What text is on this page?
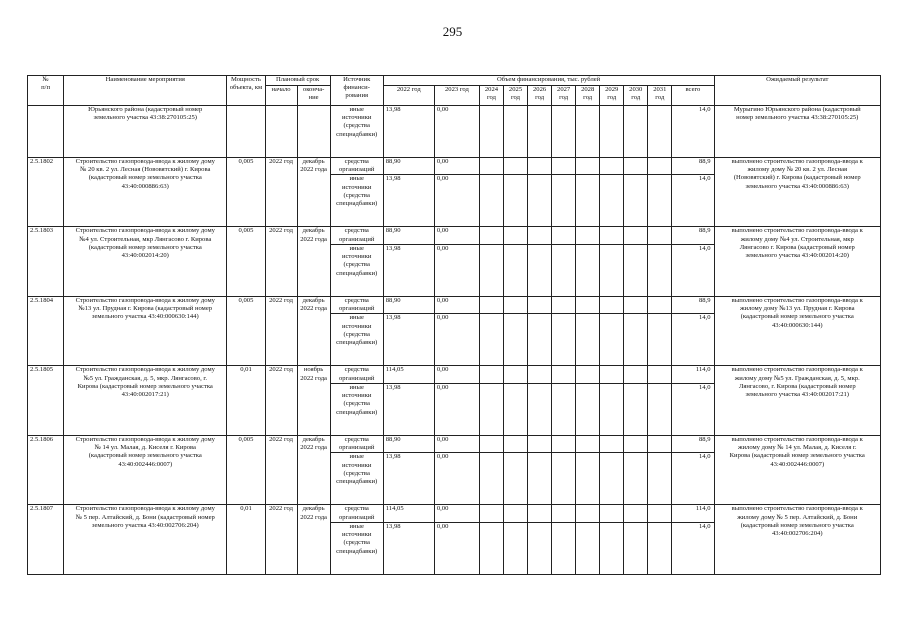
295
№
п/п	Наименование мероприятия	Мощность
объекта, км	Плановый срок		Источник
финанси-
рования	Объем финансирования, тыс. рублей											Ожидаемый результат
			начало	оконча-
ние		2022 год	2023 год	2024
год	2025
год	2026
год	2027
год	2028
год	2029
год	2030
год	2031
год	всего	
	Юрьянского района (кадастровый номер
земельного участка 43:38:270105:25)				иные
источники
(средства
спецнадбавки)	13,98	0,00									14,0	Мурыгино Юрьянского района (кадастровый
номер земельного участка 43:38:270105:25)
2.5.1802	Строительство газопровода-ввода к жилому дому
№ 20 кв. 2 ул. Лесная (Нововятский) г. Кирова
(кадастровый номер земельного участка
43:40:000886:63)	0,005	2022 год	декабрь
2022 года	средства
организаций	88,90	0,00									88,9	выполнено строительство газопровода-ввода к
жилому дому № 20 кв. 2 ул. Лесная
(Нововятский) г. Кирова (кадастровый номер
земельного участка 43:40:000886:63)
					иные
источники
(средства
спецнадбавки)	13,98	0,00									14,0	
2.5.1803	Строительство газопровода-ввода к жилому дому
№4 ул. Строительная, мкр Лянгасово г. Кирова
(кадастровый номер земельного участка
43:40:002014:20)	0,005	2022 год	декабрь
2022 года	средства
организаций	88,90	0,00									88,9	выполнено строительство газопровода-ввода к
жилому дому №4 ул. Строительная, мкр
Лянгасово г. Кирова (кадастровый номер
земельного участка 43:40:002014:20)
					иные
источники
(средства
спецнадбавки)	13,98	0,00									14,0	
2.5.1804	Строительство газопровода-ввода к жилому дому
№13 ул. Прудная г. Кирова (кадастровый номер
земельного участка 43:40:000630:144)	0,005	2022 год	декабрь
2022 года	средства
организаций	88,90	0,00									88,9	выполнено строительство газопровода-ввода к
жилому дому №13 ул. Прудная г. Кирова
(кадастровый номер земельного участка
43:40:000630:144)
					иные
источники
(средства
спецнадбавки)	13,98	0,00									14,0	
2.5.1805	Строительство газопровода-ввода к жилому дому
№5 ул. Гражданская, д. 5, мкр. Лянгасово, г.
Кирова (кадастровый номер земельного участка
43:40:002017:21)	0,01	2022 год	ноябрь
2022 года	средства
организаций	114,05	0,00									114,0	выполнено строительство газопровода-ввода к
жилому дому №5 ул. Гражданская, д. 5, мкр.
Лянгасово, г. Кирова (кадастровый номер
земельного участка 43:40:002017:21)
					иные
источники
(средства
спецнадбавки)	13,98	0,00									14,0	
2.5.1806	Строительство газопровода-ввода к жилому дому
№ 14 ул. Малая, д. Киселя г. Кирова
(кадастровый номер земельного участка
43:40:002446:0007)	0,005	2022 год	декабрь
2022 года	средства
организаций	88,90	0,00									88,9	выполнено строительство газопровода-ввода к
жилому дому № 14 ул. Малая, д. Киселя г.
Кирова (кадастровый номер земельного участка
43:40:002446:0007)
					иные
источники
(средства
спецнадбавки)	13,98	0,00									14,0	
2.5.1807	Строительство газопровода-ввода к жилому дому
№ 5 пер. Алтайский, д. Бони (кадастровый номер
земельного участка 43:40:002706:204)	0,01	2022 год	декабрь
2022 года	средства
организаций	114,05	0,00									114,0	выполнено строительство газопровода-ввода к
жилому дому № 5 пер. Алтайский, д. Бони
(кадастровый номер земельного участка
43:40:002706:204)
					иные
источники
(средства
спецнадбавки)	13,98	0,00									14,0	
